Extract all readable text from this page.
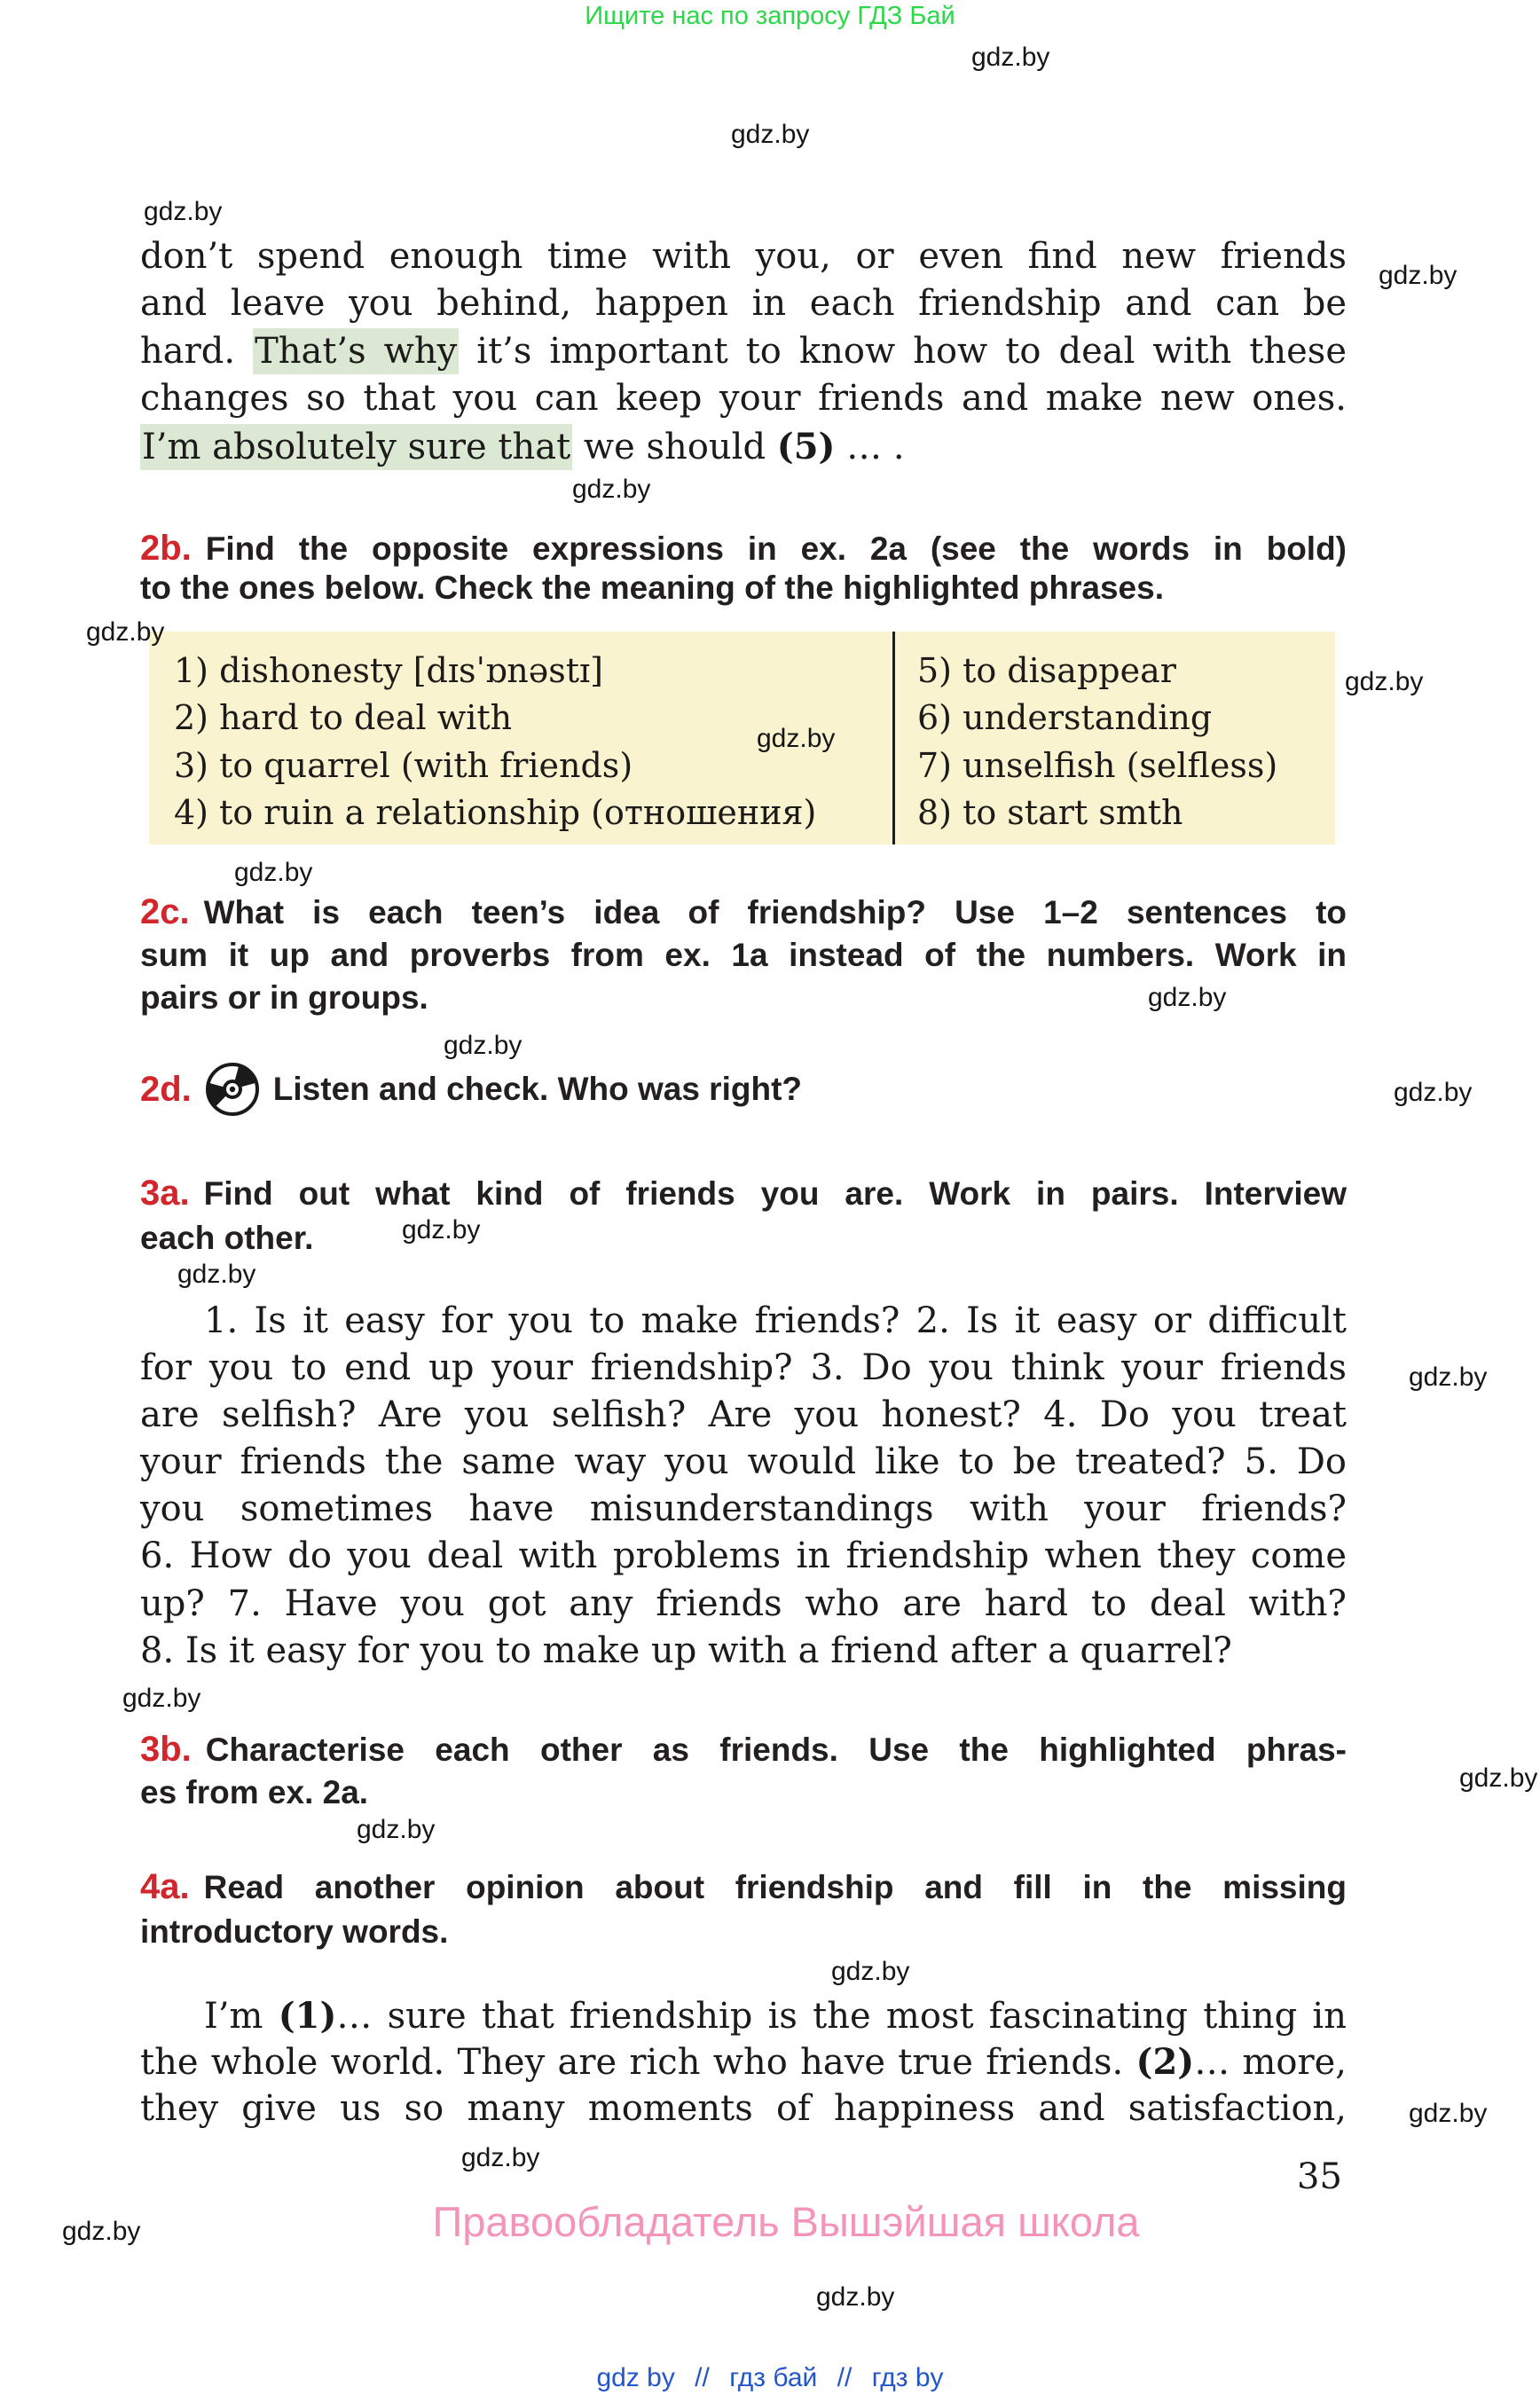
Ищите нас по запросу ГДЗ Бай
gdz.by
gdz.by
gdz.by
gdz.by
gdz.by
gdz.by
gdz.by
gdz.by
gdz.by
gdz.by
gdz.by
gdz.by
gdz.by
gdz.by
gdz.by
gdz.by
gdz.by
gdz.by
gdz.by
gdz.by
gdz.by
gdz.by
gdz.by
don’t spend enough time with you, or even find new friends
and leave you behind, happen in each friendship and can be
hard. That’s why it’s important to know how to deal with these
changes so that you can keep your friends and make new ones.
I’m absolutely sure that we should (5) … .
2b. Find the opposite expressions in ex. 2a (see the words in bold)
to the ones below. Check the meaning of the highlighted phrases.
1) dishonesty [dɪsˈɒnəstɪ]
2) hard to deal with
3) to quarrel (with friends)
4) to ruin a relationship (отношения)
5) to disappear
6) understanding
7) unselfish (selfless)
8) to start smth
2c. What is each teen’s idea of friendship? Use 1–2 sentences to
sum it up and proverbs from ex. 1a instead of the numbers. Work in
pairs or in groups.
2d. Listen and check. Who was right?
3a. Find out what kind of friends you are. Work in pairs. Interview
each other.
1. Is it easy for you to make friends? 2. Is it easy or difficult
for you to end up your friendship? 3. Do you think your friends
are selfish? Are you selfish? Are you honest? 4. Do you treat
your friends the same way you would like to be treated? 5. Do
you sometimes have misunderstandings with your friends?
6. How do you deal with problems in friendship when they come
up? 7. Have you got any friends who are hard to deal with?
8. Is it easy for you to make up with a friend after a quarrel?
3b. Characterise each other as friends. Use the highlighted phras-
es from ex. 2a.
4a. Read another opinion about friendship and fill in the missing
introductory words.
I’m (1)… sure that friendship is the most fascinating thing in
the whole world. They are rich who have true friends. (2)… more,
they give us so many moments of happiness and satisfaction,
35
Правообладатель Вышэйшая школа
gdz by // гдз бай // гдз by
